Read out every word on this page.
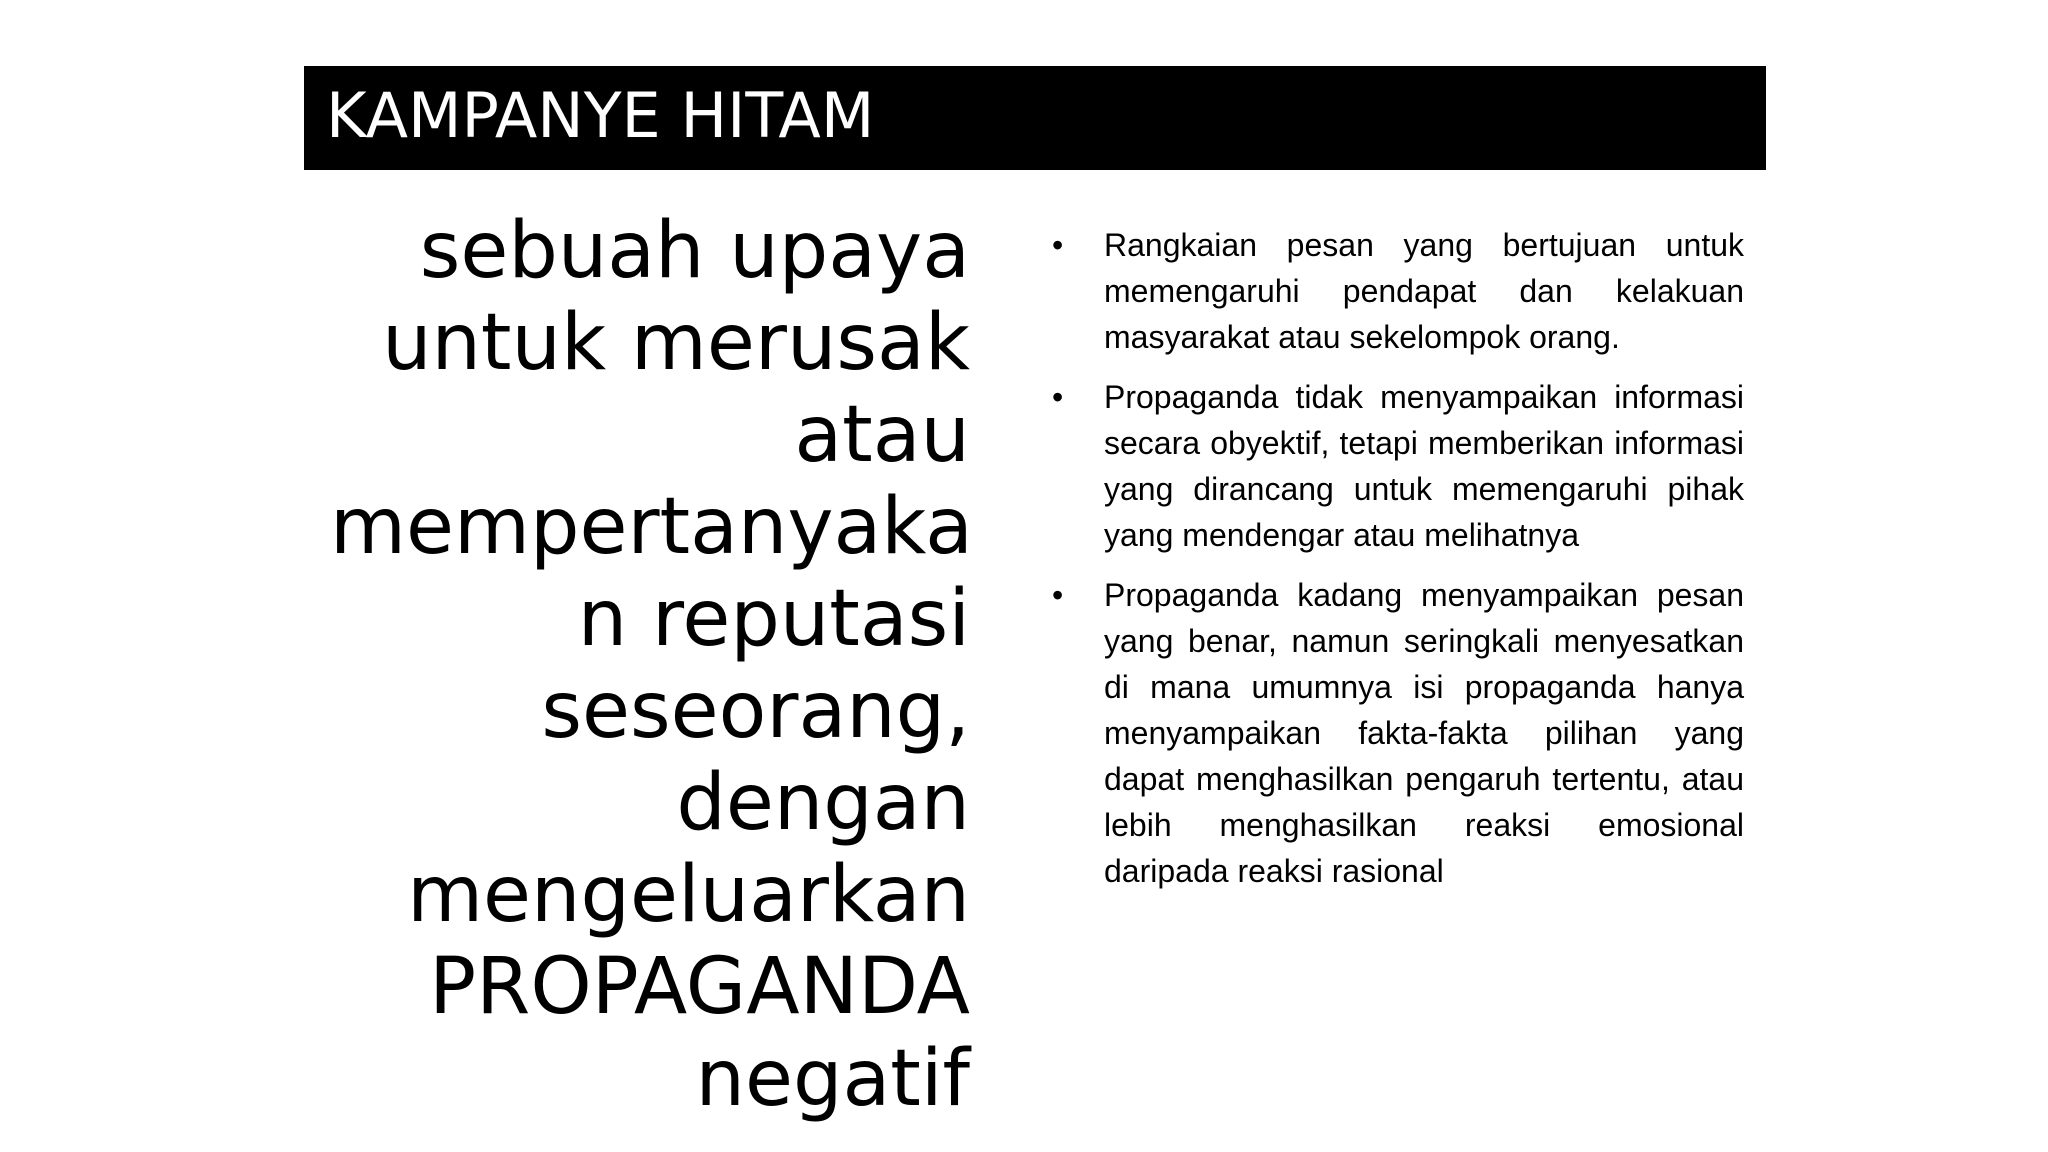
KAMPANYE HITAM
sebuah upaya
untuk merusak
atau
mempertanyaka
n reputasi
seseorang,
dengan
mengeluarkan
PROPAGANDA
negatif
• Rangkaian pesan yang bertujuan untuk memengaruhi pendapat dan kelakuan masyarakat atau sekelompok orang.
• Propaganda tidak menyampaikan informasi secara obyektif, tetapi memberikan informasi yang dirancang untuk memengaruhi pihak yang mendengar atau melihatnya
• Propaganda kadang menyampaikan pesan yang benar, namun seringkali menyesatkan di mana umumnya isi propaganda hanya menyampaikan fakta-fakta pilihan yang dapat menghasilkan pengaruh tertentu, atau lebih menghasilkan reaksi emosional daripada reaksi rasional
